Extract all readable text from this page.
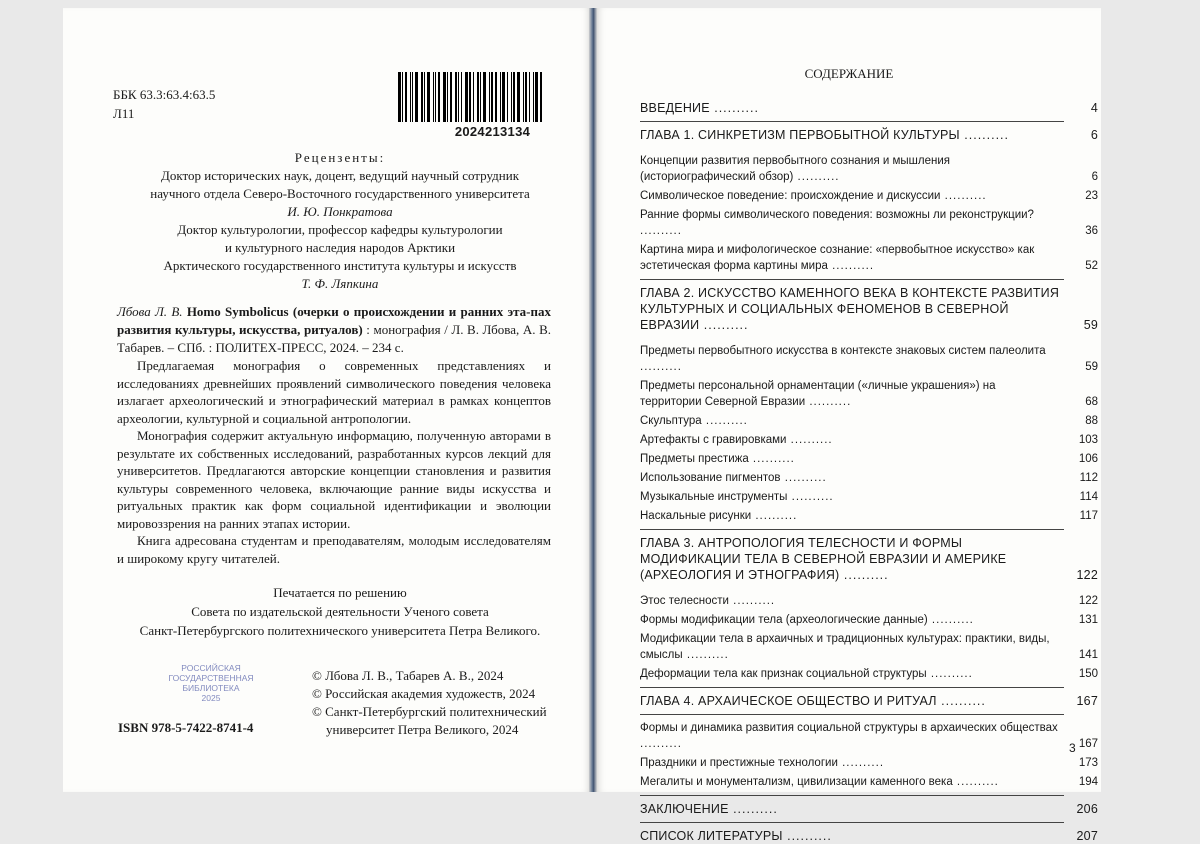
ББК 63.3:63.4:63.5
Л11
2024213134
Рецензенты:
Доктор исторических наук, доцент, ведущий научный сотрудник
научного отдела Северо-Восточного государственного университета
И. Ю. Понкратова
Доктор культурологии, профессор кафедры культурологии
и культурного наследия народов Арктики
Арктического государственного института культуры и искусств
Т. Ф. Ляпкина
Лбова Л. В. Homo Symbolicus (очерки о происхождении и ранних эта-пах развития культуры, искусства, ритуалов) : монография / Л. В. Лбова, А. В. Табарев. – СПб. : ПОЛИТЕХ-ПРЕСС, 2024. – 234 с.

Предлагаемая монография о современных представлениях и исследованиях древнейших проявлений символического поведения человека излагает археологический и этнографический материал в рамках концептов археологии, культурной и социальной антропологии.

Монография содержит актуальную информацию, полученную авторами в результате их собственных исследований, разработанных курсов лекций для университетов. Предлагаются авторские концепции становления и развития культуры современного человека, включающие ранние виды искусства и ритуальных практик как форм социальной идентификации и эволюции мировоззрения на ранних этапах истории.

Книга адресована студентам и преподавателям, молодым исследователям и широкому кругу читателей.

Печатается по решению
Совета по издательской деятельности Ученого совета
Санкт-Петербургского политехнического университета Петра Великого.
РОССИЙСКАЯ
ГОСУДАРСТВЕННАЯ
БИБЛИОТЕКА
2025
© Лбова Л. В., Табарев А. В., 2024
© Российская академия художеств, 2024
© Санкт-Петербургский политехнический
университет Петра Великого, 2024
ISBN 978-5-7422-8741-4
СОДЕРЖАНИЕ
ВВЕДЕНИЕ ..........	4
ГЛАВА 1. СИНКРЕТИЗМ ПЕРВОБЫТНОЙ КУЛЬТУРЫ ..........	6
Концепции развития первобытного сознания и мышления (историографический обзор) ..........	6
Символическое поведение: происхождение и дискуссии ..........	23
Ранние формы символического поведения: возможны ли реконструкции? ..........	36
Картина мира и мифологическое сознание: «первобытное искусство» как эстетическая форма картины мира ..........	52
ГЛАВА 2. ИСКУССТВО КАМЕННОГО ВЕКА В КОНТЕКСТЕ РАЗВИТИЯ КУЛЬТУРНЫХ И СОЦИАЛЬНЫХ ФЕНОМЕНОВ В СЕВЕРНОЙ ЕВРАЗИИ ..........	59
Предметы первобытного искусства в контексте знаковых систем палеолита ..........	59
Предметы персональной орнаментации («личные украшения») на территории Северной Евразии ..........	68
Скульптура ..........	88
Артефакты с гравировками ..........	103
Предметы престижа ..........	106
Использование пигментов ..........	112
Музыкальные инструменты ..........	114
Наскальные рисунки ..........	117
ГЛАВА 3. АНТРОПОЛОГИЯ ТЕЛЕСНОСТИ И ФОРМЫ МОДИФИКАЦИИ ТЕЛА В СЕВЕРНОЙ ЕВРАЗИИ И АМЕРИКЕ (АРХЕОЛОГИЯ И ЭТНОГРАФИЯ) ..........	122
Этос телесности ..........	122
Формы модификации тела (археологические данные) ..........	131
Модификации тела в архаичных и традиционных культурах: практики, виды, смыслы ..........	141
Деформации тела как признак социальной структуры ..........	150
ГЛАВА 4. АРХАИЧЕСКОЕ ОБЩЕСТВО И РИТУАЛ ..........	167
Формы и динамика развития социальной структуры в архаических обществах ..........	167
Праздники и престижные технологии ..........	173
Мегалиты и монументализм, цивилизации каменного века ..........	194
ЗАКЛЮЧЕНИЕ ..........	206
СПИСОК ЛИТЕРАТУРЫ ..........	207
3
